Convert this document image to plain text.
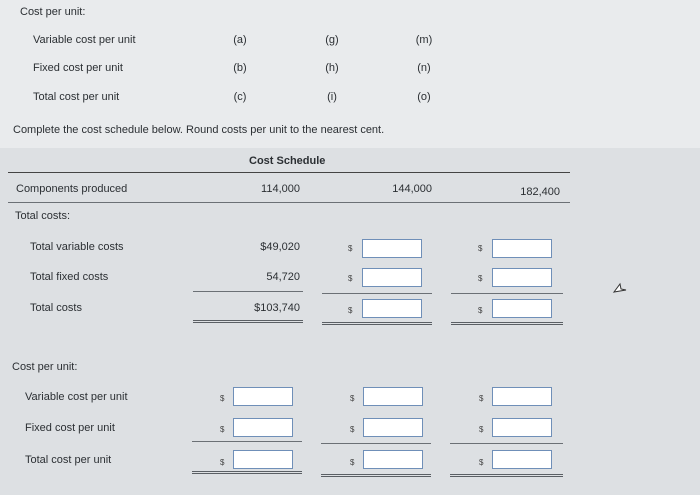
Cost per unit:
Variable cost per unit	(a)	(g)	(m)
Fixed cost per unit	(b)	(h)	(n)
Total cost per unit	(c)	(i)	(o)
Complete the cost schedule below. Round costs per unit to the nearest cent.
Cost Schedule
Components produced	114,000	144,000	182,400
Total costs:
Total variable costs	$49,020	$	$
Total fixed costs	54,720	$	$
Total costs	$103,740	$	$
Cost per unit:
Variable cost per unit	$	$	$
Fixed cost per unit	$	$	$
Total cost per unit	$	$	$
